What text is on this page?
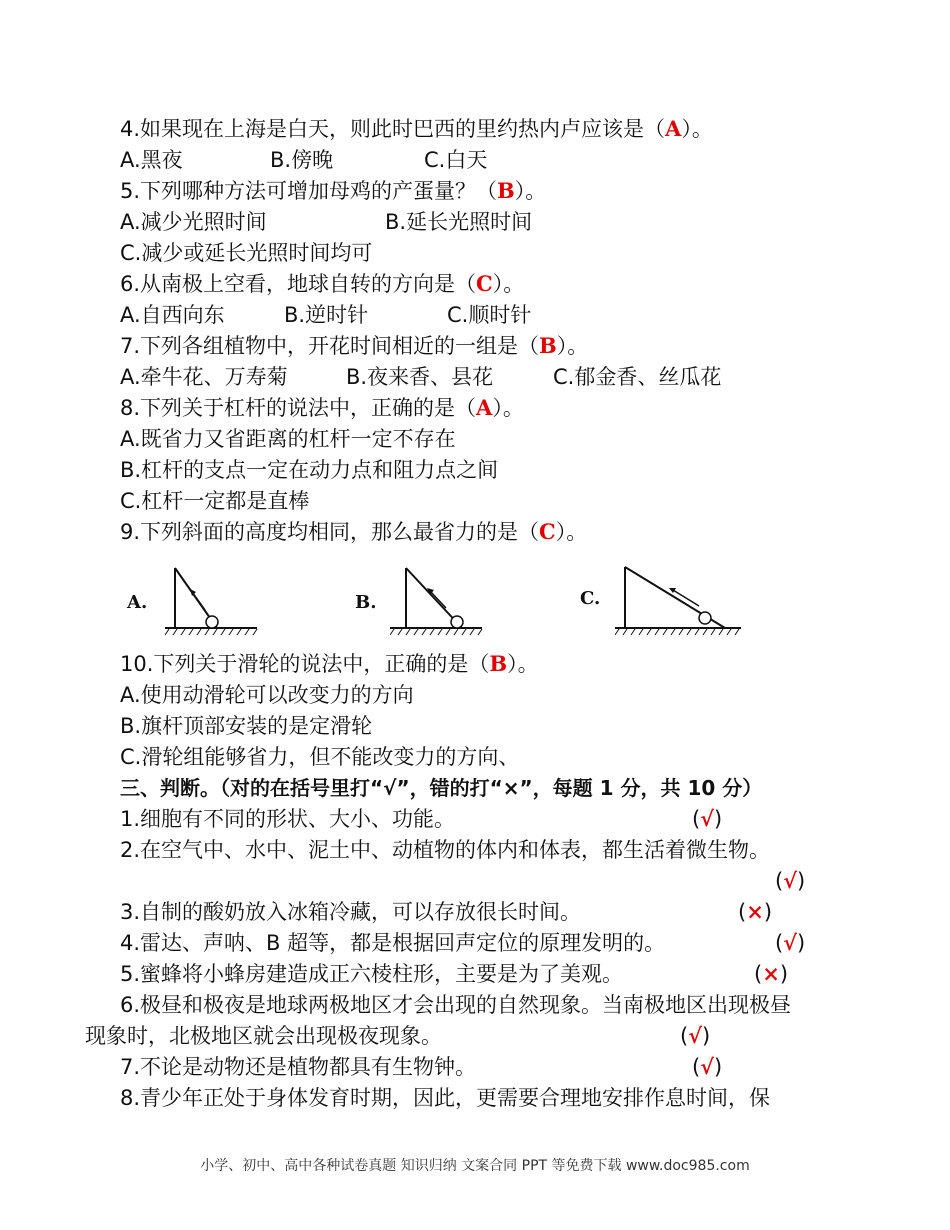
4.如果现在上海是白天，则此时巴西的里约热内卢应该是（A）。
A.黑夜	B.傍晚	C.白天
5.下列哪种方法可增加母鸡的产蛋量？（B）。
A.减少光照时间	B.延长光照时间
C.减少或延长光照时间均可
6.从南极上空看，地球自转的方向是（C）。
A.自西向东	B.逆时针	C.顺时针
7.下列各组植物中，开花时间相近的一组是（B）。
A.牵牛花、万寿菊	B.夜来香、县花	C.郁金香、丝瓜花
8.下列关于杠杆的说法中，正确的是（A）。
A.既省力又省距离的杠杆一定不存在
B.杠杆的支点一定在动力点和阻力点之间
C.杠杆一定都是直棒
9.下列斜面的高度均相同，那么最省力的是（C）。
A.	B.	C.
10.下列关于滑轮的说法中，正确的是（B）。
A.使用动滑轮可以改变力的方向
B.旗杆顶部安装的是定滑轮
C.滑轮组能够省力，但不能改变力的方向、
三、判断。（对的在括号里打“√”，错的打“×”，每题 1 分，共 10 分）
1.细胞有不同的形状、大小、功能。	(√)
2.在空气中、水中、泥土中、动植物的体内和体表，都生活着微生物。
(√)
3.自制的酸奶放入冰箱冷藏，可以存放很长时间。	(×)
4.雷达、声呐、B 超等，都是根据回声定位的原理发明的。	(√)
5.蜜蜂将小蜂房建造成正六棱柱形，主要是为了美观。	(×)
6.极昼和极夜是地球两极地区才会出现的自然现象。当南极地区出现极昼
现象时，北极地区就会出现极夜现象。	(√)
7.不论是动物还是植物都具有生物钟。	(√)
8.青少年正处于身体发育时期，因此，更需要合理地安排作息时间，保
小学、初中、高中各种试卷真题 知识归纳 文案合同 PPT 等免费下载 www.doc985.com
